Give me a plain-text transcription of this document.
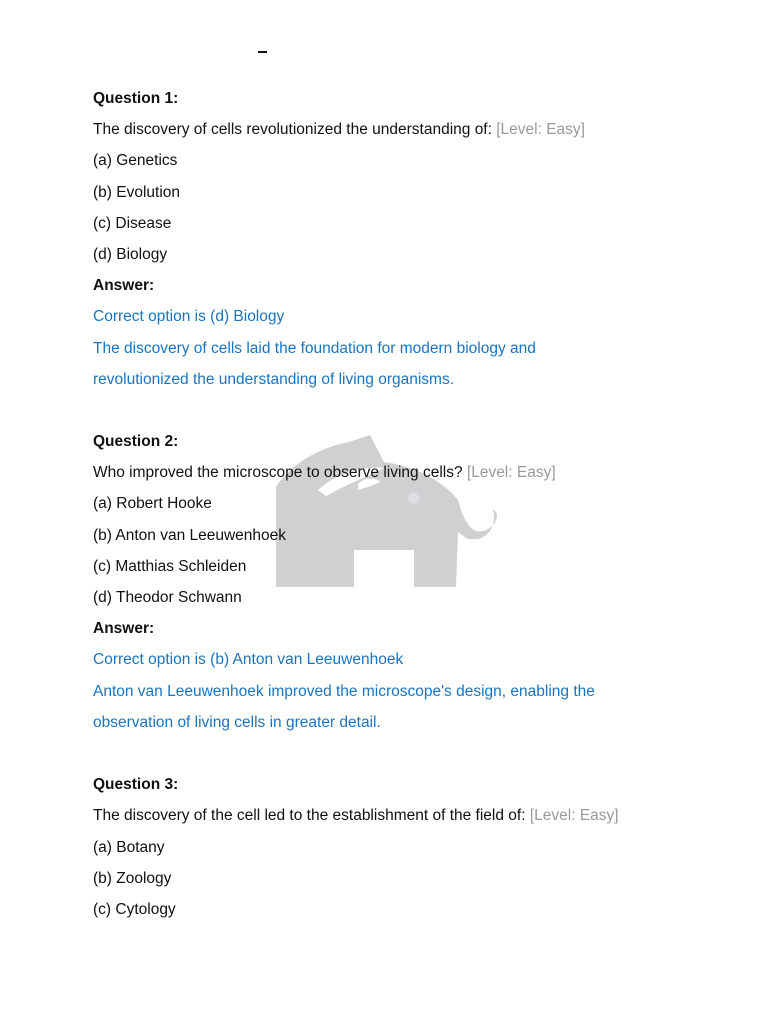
Question 1:
The discovery of cells revolutionized the understanding of: [Level: Easy]
(a) Genetics
(b) Evolution
(c) Disease
(d) Biology
Answer:
Correct option is (d) Biology
The discovery of cells laid the foundation for modern biology and
revolutionized the understanding of living organisms.
Question 2:
Who improved the microscope to observe living cells? [Level: Easy]
(a) Robert Hooke
(b) Anton van Leeuwenhoek
(c) Matthias Schleiden
(d) Theodor Schwann
Answer:
Correct option is (b) Anton van Leeuwenhoek
Anton van Leeuwenhoek improved the microscope's design, enabling the
observation of living cells in greater detail.
Question 3:
The discovery of the cell led to the establishment of the field of: [Level: Easy]
(a) Botany
(b) Zoology
(c) Cytology
